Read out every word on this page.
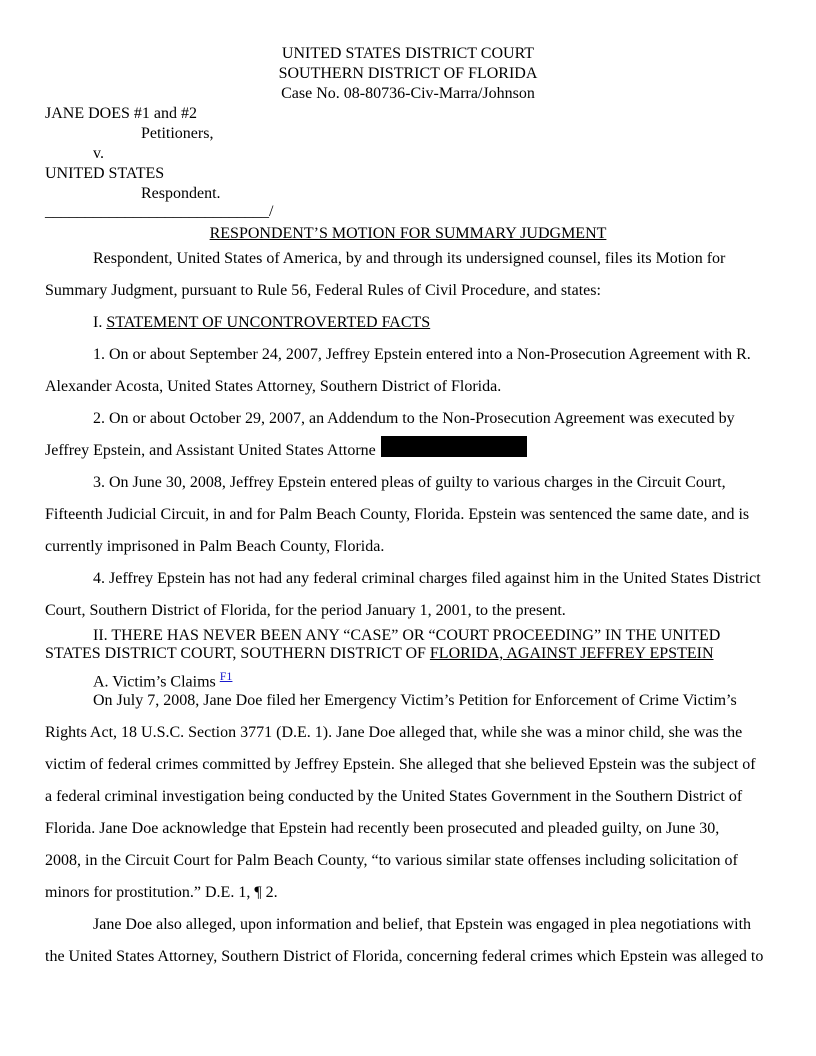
UNITED STATES DISTRICT COURT
SOUTHERN DISTRICT OF FLORIDA
Case No. 08-80736-Civ-Marra/Johnson
JANE DOES #1 and #2
Petitioners,
v.
UNITED STATES
Respondent.
____________________________/
RESPONDENT’S MOTION FOR SUMMARY JUDGMENT
Respondent, United States of America, by and through its undersigned counsel, files its Motion for
Summary Judgment, pursuant to Rule 56, Federal Rules of Civil Procedure, and states:
I. STATEMENT OF UNCONTROVERTED FACTS
1. On or about September 24, 2007, Jeffrey Epstein entered into a Non-Prosecution Agreement with R.
Alexander Acosta, United States Attorney, Southern District of Florida.
2. On or about October 29, 2007, an Addendum to the Non-Prosecution Agreement was executed by
Jeffrey Epstein, and Assistant United States Attorne
3. On June 30, 2008, Jeffrey Epstein entered pleas of guilty to various charges in the Circuit Court,
Fifteenth Judicial Circuit, in and for Palm Beach County, Florida. Epstein was sentenced the same date, and is
currently imprisoned in Palm Beach County, Florida.
4. Jeffrey Epstein has not had any federal criminal charges filed against him in the United States District
Court, Southern District of Florida, for the period January 1, 2001, to the present.
II. THERE HAS NEVER BEEN ANY “CASE” OR “COURT PROCEEDING” IN THE UNITED
STATES DISTRICT COURT, SOUTHERN DISTRICT OF FLORIDA, AGAINST JEFFREY EPSTEIN
A. Victim’s Claims $^{F1}$
On July 7, 2008, Jane Doe filed her Emergency Victim’s Petition for Enforcement of Crime Victim’s
Rights Act, 18 U.S.C. Section 3771 (D.E. 1). Jane Doe alleged that, while she was a minor child, she was the
victim of federal crimes committed by Jeffrey Epstein. She alleged that she believed Epstein was the subject of
a federal criminal investigation being conducted by the United States Government in the Southern District of
Florida. Jane Doe acknowledge that Epstein had recently been prosecuted and pleaded guilty, on June 30,
2008, in the Circuit Court for Palm Beach County, “to various similar state offenses including solicitation of
minors for prostitution.” D.E. 1, ¶ 2.
Jane Doe also alleged, upon information and belief, that Epstein was engaged in plea negotiations with
the United States Attorney, Southern District of Florida, concerning federal crimes which Epstein was alleged to
